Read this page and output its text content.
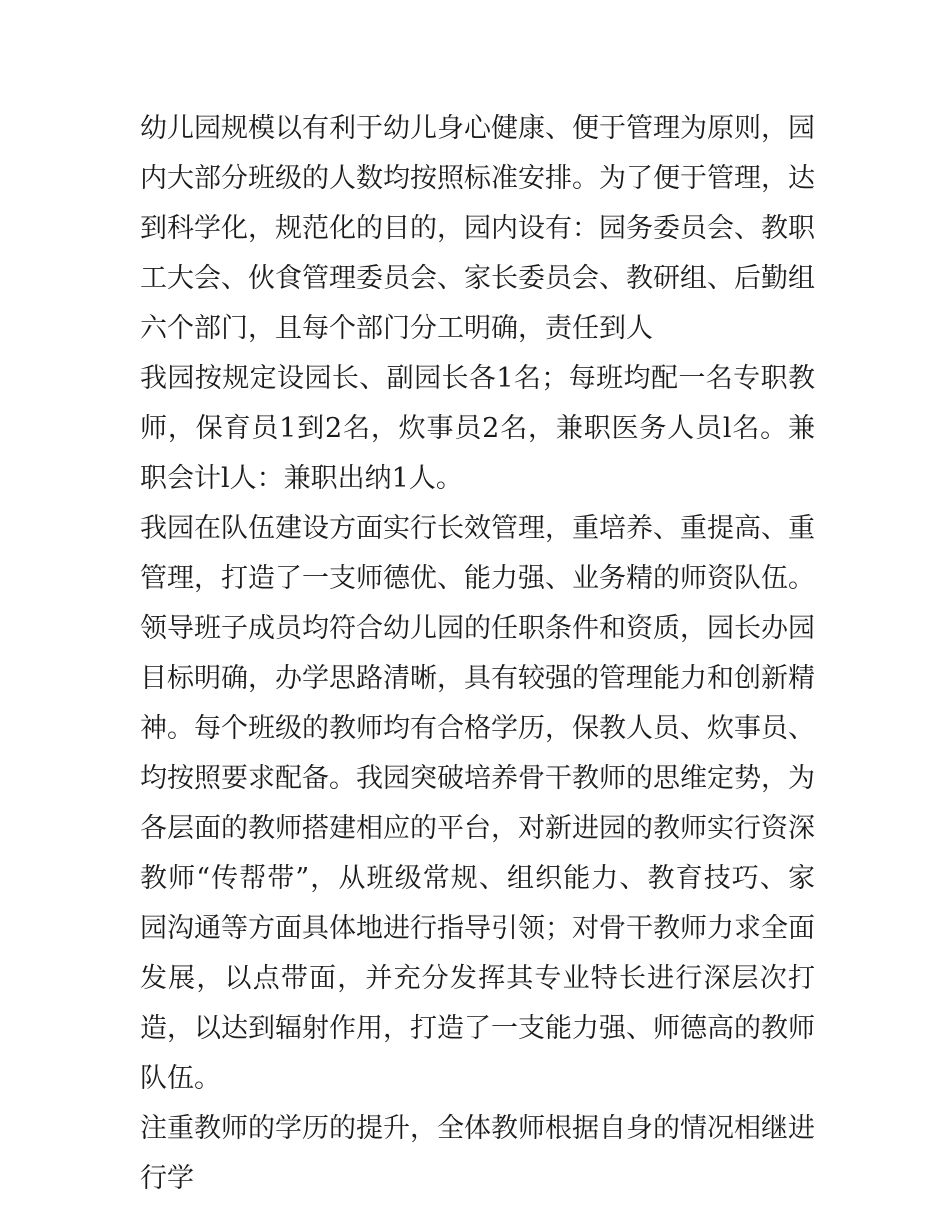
幼儿园规模以有利于幼儿身心健康、便于管理为原则，园内大部分班级的人数均按照标准安排。为了便于管理，达到科学化，规范化的目的，园内设有：园务委员会、教职工大会、伙食管理委员会、家长委员会、教研组、后勤组六个部门，且每个部门分工明确，责任到人

我园按规定设园长、副园长各1名；每班均配一名专职教师，保育员1到2名，炊事员2名，兼职医务人员l名。兼职会计l人：兼职出纳1人。

我园在队伍建设方面实行长效管理，重培养、重提高、重管理，打造了一支师德优、能力强、业务精的师资队伍。领导班子成员均符合幼儿园的任职条件和资质，园长办园目标明确，办学思路清晰，具有较强的管理能力和创新精神。每个班级的教师均有合格学历，保教人员、炊事员、均按照要求配备。我园突破培养骨干教师的思维定势，为各层面的教师搭建相应的平台，对新进园的教师实行资深教师“传帮带”，从班级常规、组织能力、教育技巧、家园沟通等方面具体地进行指导引领；对骨干教师力求全面发展，以点带面，并充分发挥其专业特长进行深层次打造，以达到辐射作用，打造了一支能力强、师德高的教师队伍。

注重教师的学历的提升，全体教师根据自身的情况相继进行学
